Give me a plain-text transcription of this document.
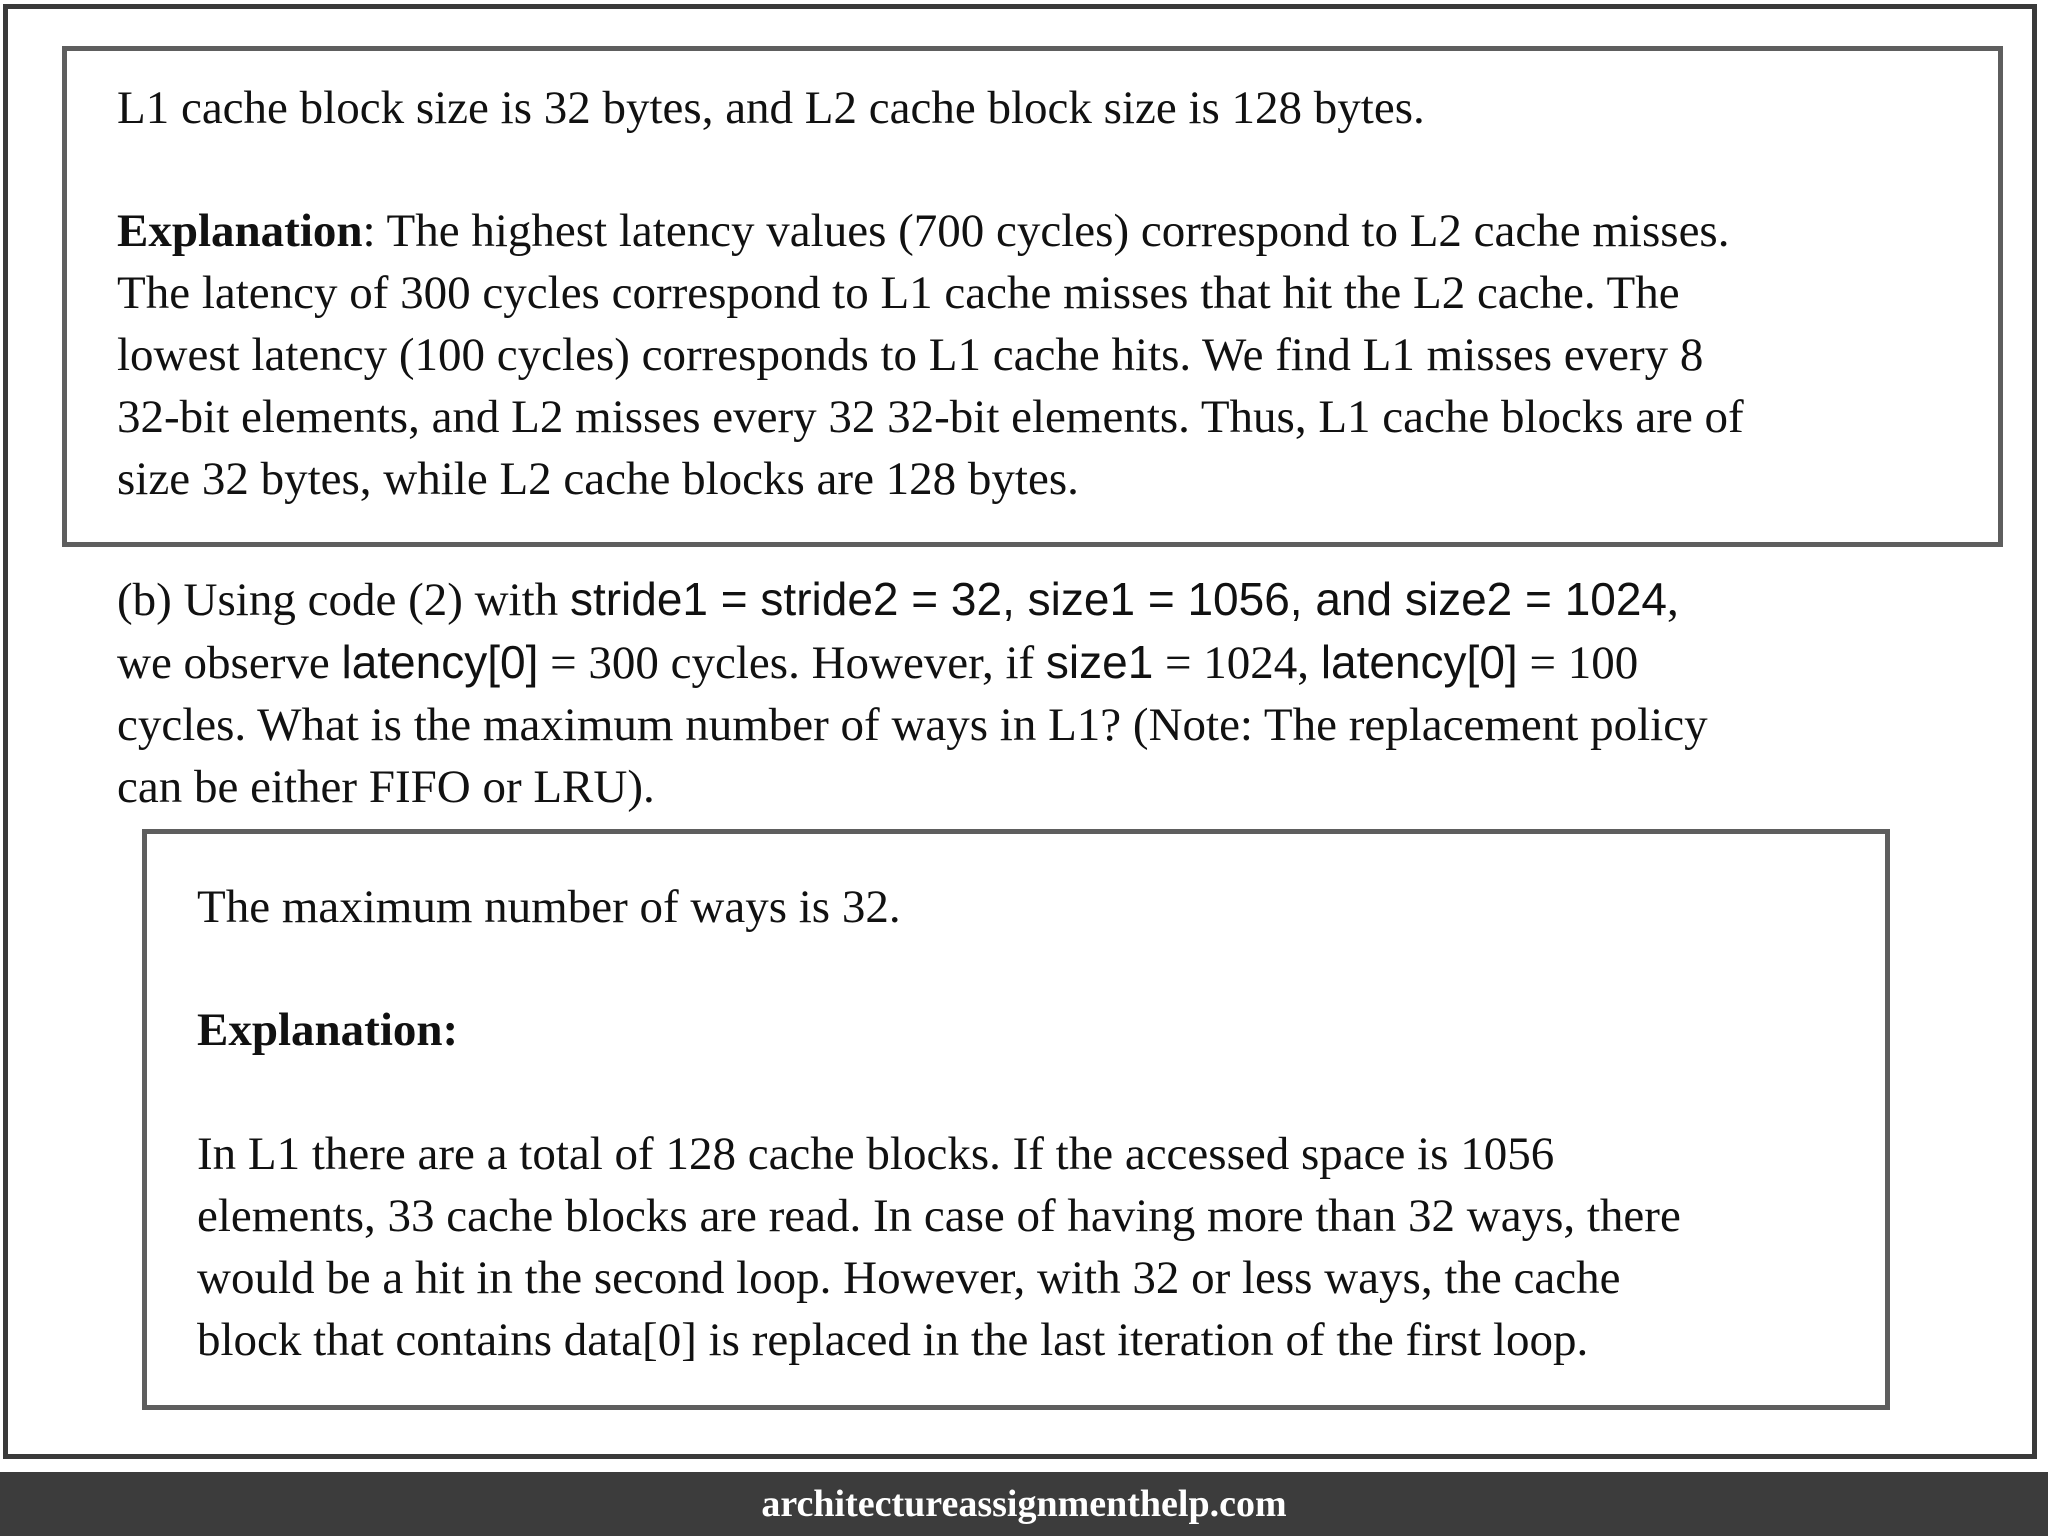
L1 cache block size is 32 bytes, and L2 cache block size is 128 bytes.

Explanation: The highest latency values (700 cycles) correspond to L2 cache misses.

The latency of 300 cycles correspond to L1 cache misses that hit the L2 cache. The

lowest latency (100 cycles) corresponds to L1 cache hits. We find L1 misses every 8

32-bit elements, and L2 misses every 32 32-bit elements. Thus, L1 cache blocks are of

size 32 bytes, while L2 cache blocks are 128 bytes.

(b) Using code (2) with stride1 = stride2 = 32, size1 = 1056, and size2 = 1024,

we observe latency[0] = 300 cycles. However, if size1 = 1024, latency[0] = 100

cycles. What is the maximum number of ways in L1? (Note: The replacement policy

can be either FIFO or LRU).

The maximum number of ways is 32.

Explanation:

In L1 there are a total of 128 cache blocks. If the accessed space is 1056

elements, 33 cache blocks are read. In case of having more than 32 ways, there

would be a hit in the second loop. However, with 32 or less ways, the cache

block that contains data[0] is replaced in the last iteration of the first loop.

architectureassignmenthelp.com
